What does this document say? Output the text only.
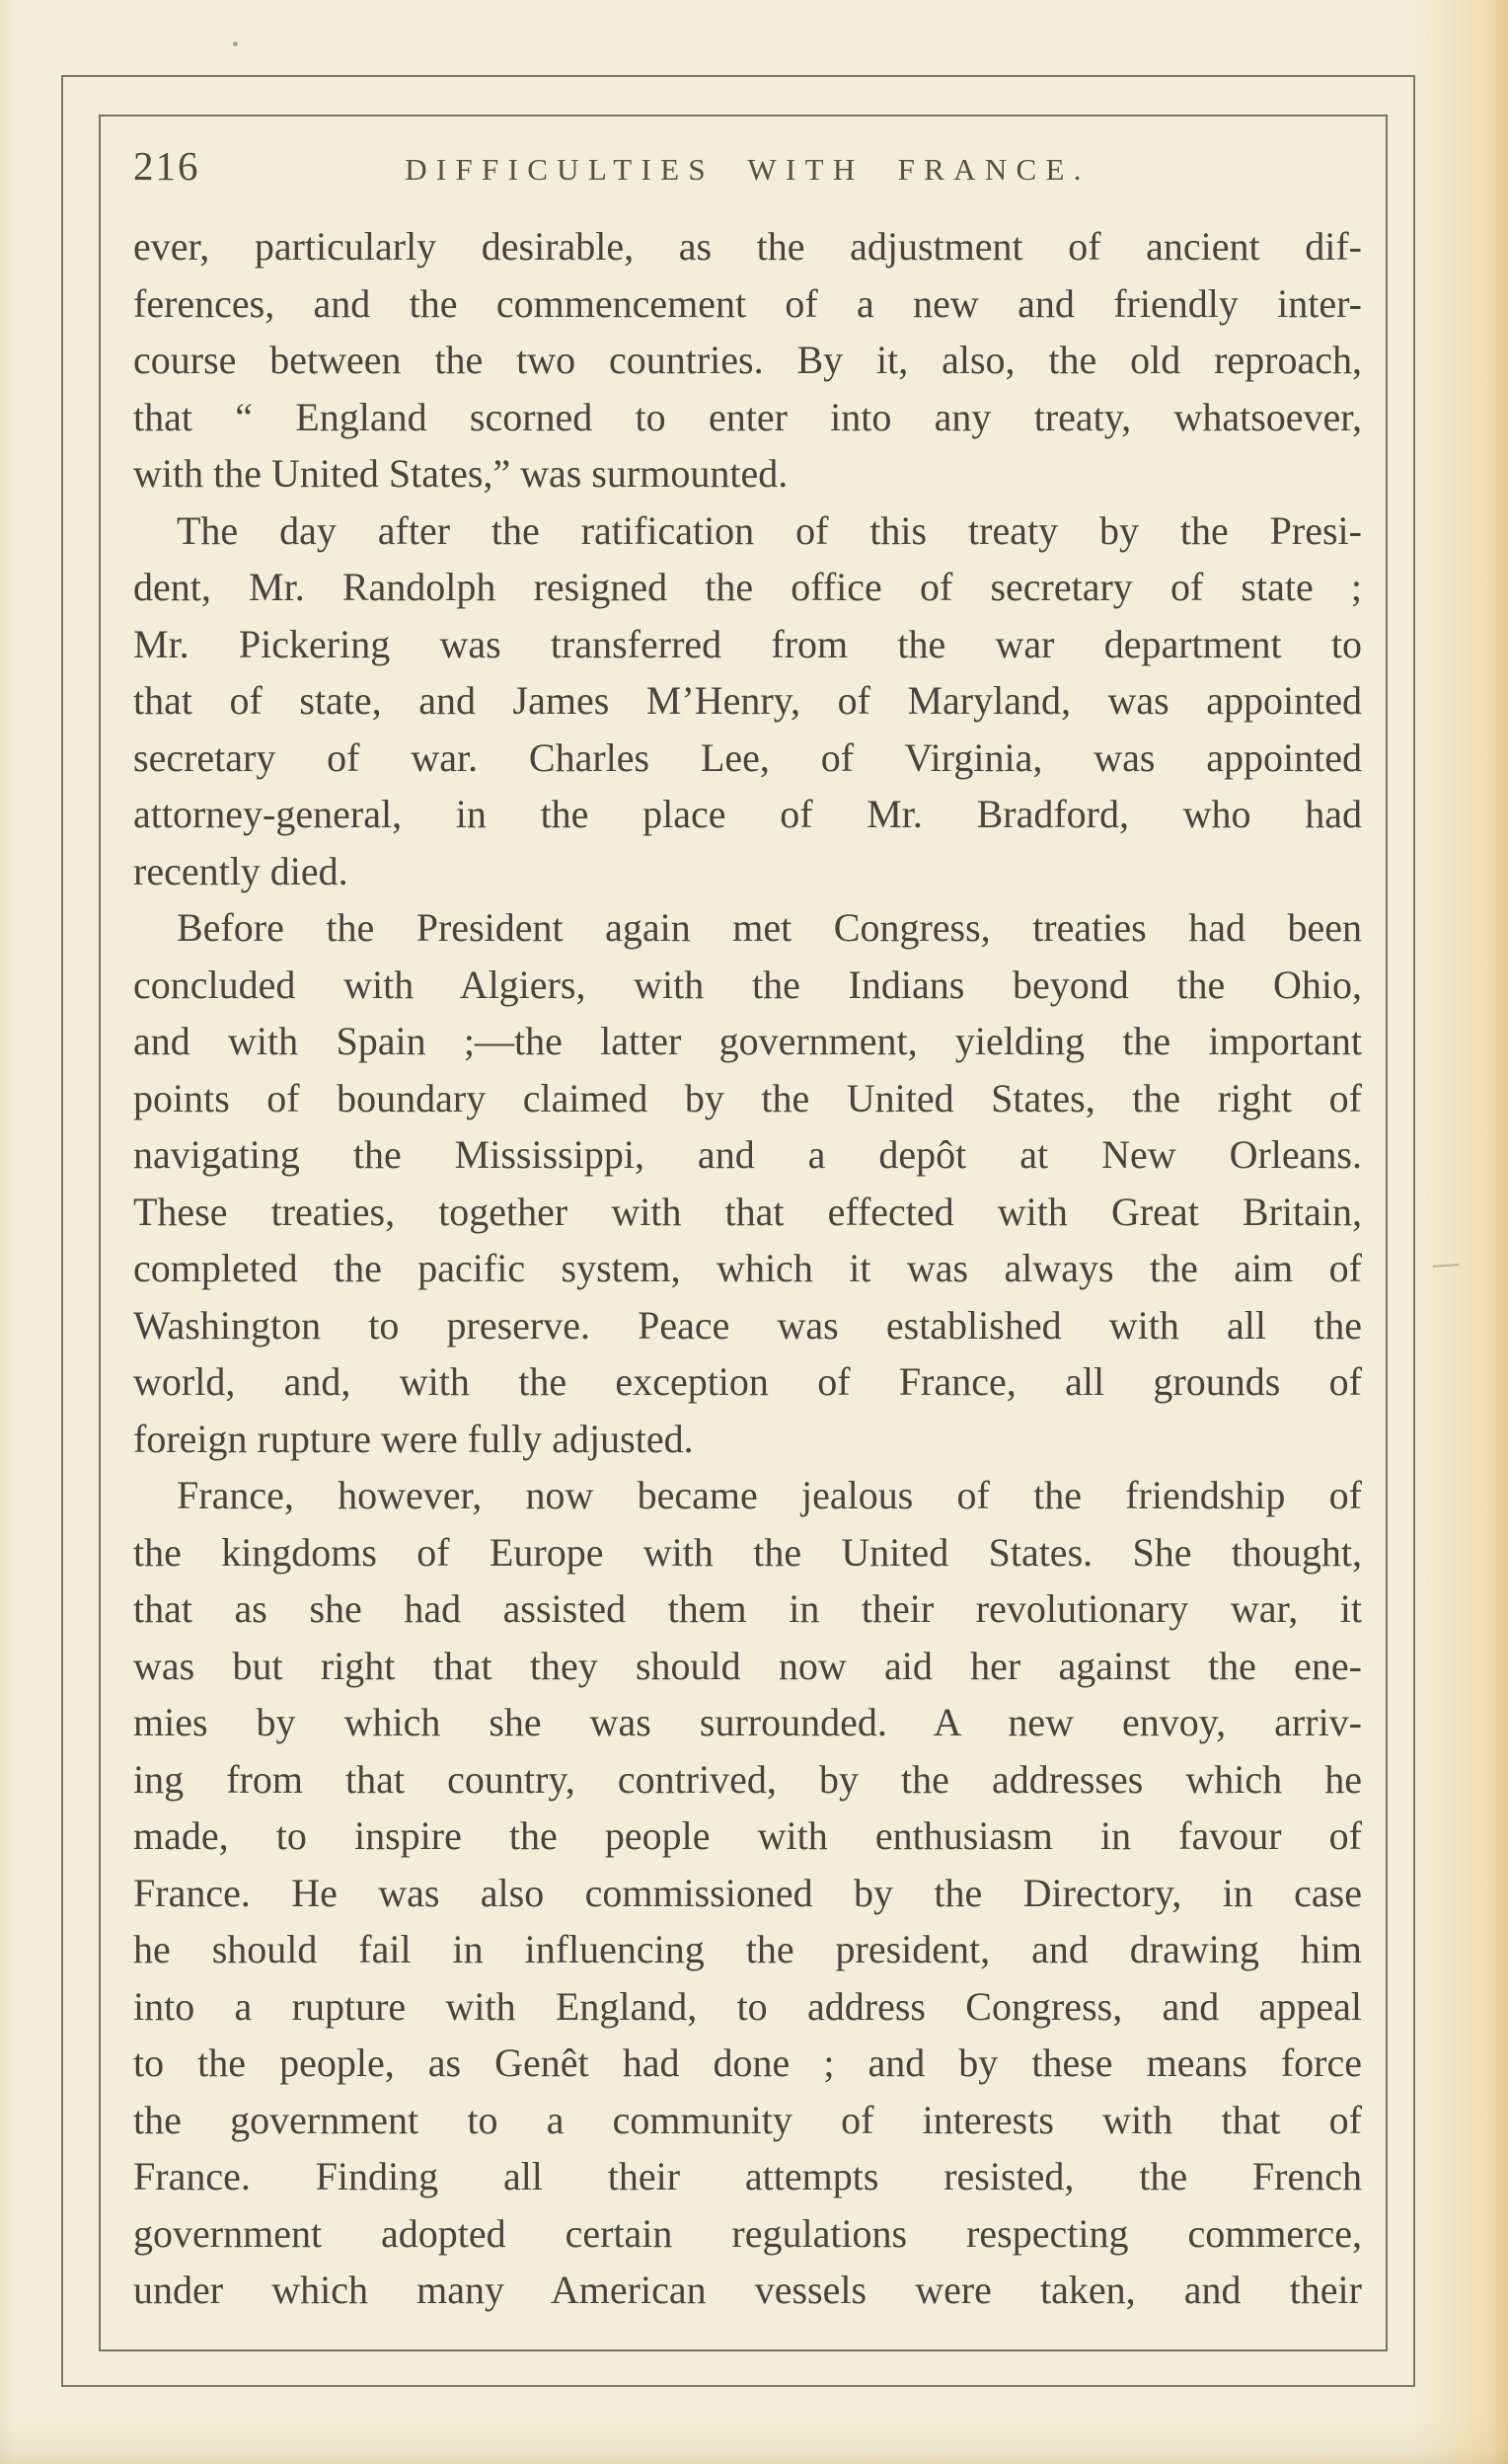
216	DIFFICULTIES WITH FRANCE.
ever, particularly desirable, as the adjustment of ancient dif-
ferences, and the commencement of a new and friendly inter-
course between the two countries. By it, also, the old reproach,
that “ England scorned to enter into any treaty, whatsoever,
with the United States,” was surmounted.
The day after the ratification of this treaty by the Presi-
dent, Mr. Randolph resigned the office of secretary of state ;
Mr. Pickering was transferred from the war department to
that of state, and James M’Henry, of Maryland, was appointed
secretary of war. Charles Lee, of Virginia, was appointed
attorney-general, in the place of Mr. Bradford, who had
recently died.
Before the President again met Congress, treaties had been
concluded with Algiers, with the Indians beyond the Ohio,
and with Spain ;—the latter government, yielding the important
points of boundary claimed by the United States, the right of
navigating the Mississippi, and a depôt at New Orleans.
These treaties, together with that effected with Great Britain,
completed the pacific system, which it was always the aim of
Washington to preserve. Peace was established with all the
world, and, with the exception of France, all grounds of
foreign rupture were fully adjusted.
France, however, now became jealous of the friendship of
the kingdoms of Europe with the United States. She thought,
that as she had assisted them in their revolutionary war, it
was but right that they should now aid her against the ene-
mies by which she was surrounded. A new envoy, arriv-
ing from that country, contrived, by the addresses which he
made, to inspire the people with enthusiasm in favour of
France. He was also commissioned by the Directory, in case
he should fail in influencing the president, and drawing him
into a rupture with England, to address Congress, and appeal
to the people, as Genêt had done ; and by these means force
the government to a community of interests with that of
France. Finding all their attempts resisted, the French
government adopted certain regulations respecting commerce,
under which many American vessels were taken, and their
